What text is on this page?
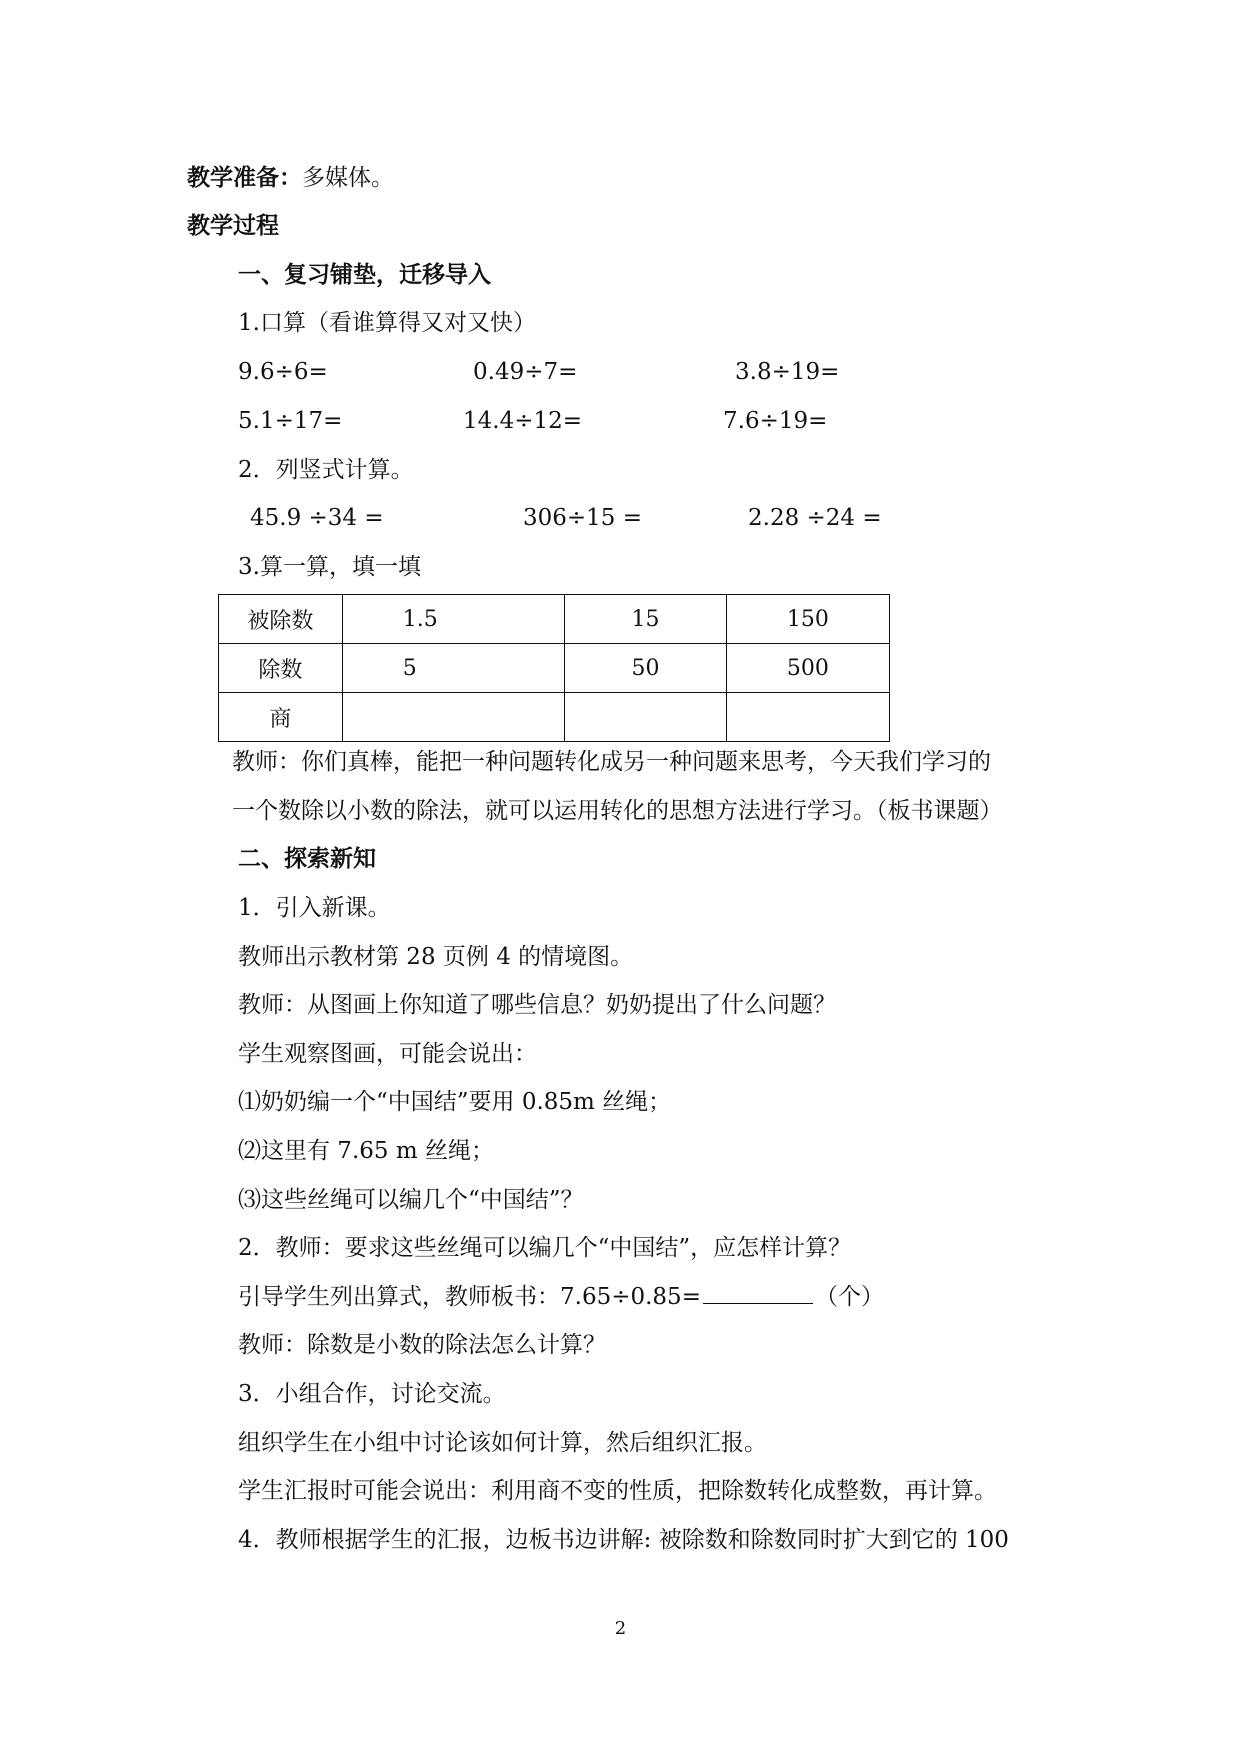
教学准备：多媒体。
教学过程
一、复习铺垫，迁移导入
1.口算（看谁算得又对又快）
9.6÷6=	0.49÷7=	3.8÷19=
5.1÷17=	14.4÷12=	7.6÷19=
2．列竖式计算。
45.9 ÷34 =	306÷15 =	2.28 ÷24 =
3.算一算，填一填
被除数	1.5	15	150
除数	5	50	500
商			
教师：你们真棒，能把一种问题转化成另一种问题来思考，今天我们学习的
一个数除以小数的除法，就可以运用转化的思想方法进行学习。（板书课题）
二、探索新知
1．引入新课。
教师出示教材第 28 页例 4 的情境图。
教师：从图画上你知道了哪些信息？奶奶提出了什么问题？
学生观察图画，可能会说出：
⑴奶奶编一个“中国结”要用 0.85m 丝绳；
⑵这里有 7.65 m 丝绳；
⑶这些丝绳可以编几个“中国结”？
2．教师：要求这些丝绳可以编几个“中国结”，应怎样计算？
引导学生列出算式，教师板书：7.65÷0.85=	（个）
教师：除数是小数的除法怎么计算？
3．小组合作，讨论交流。
组织学生在小组中讨论该如何计算，然后组织汇报。
学生汇报时可能会说出：利用商不变的性质，把除数转化成整数，再计算。
4．教师根据学生的汇报，边板书边讲解: 被除数和除数同时扩大到它的 100
2
